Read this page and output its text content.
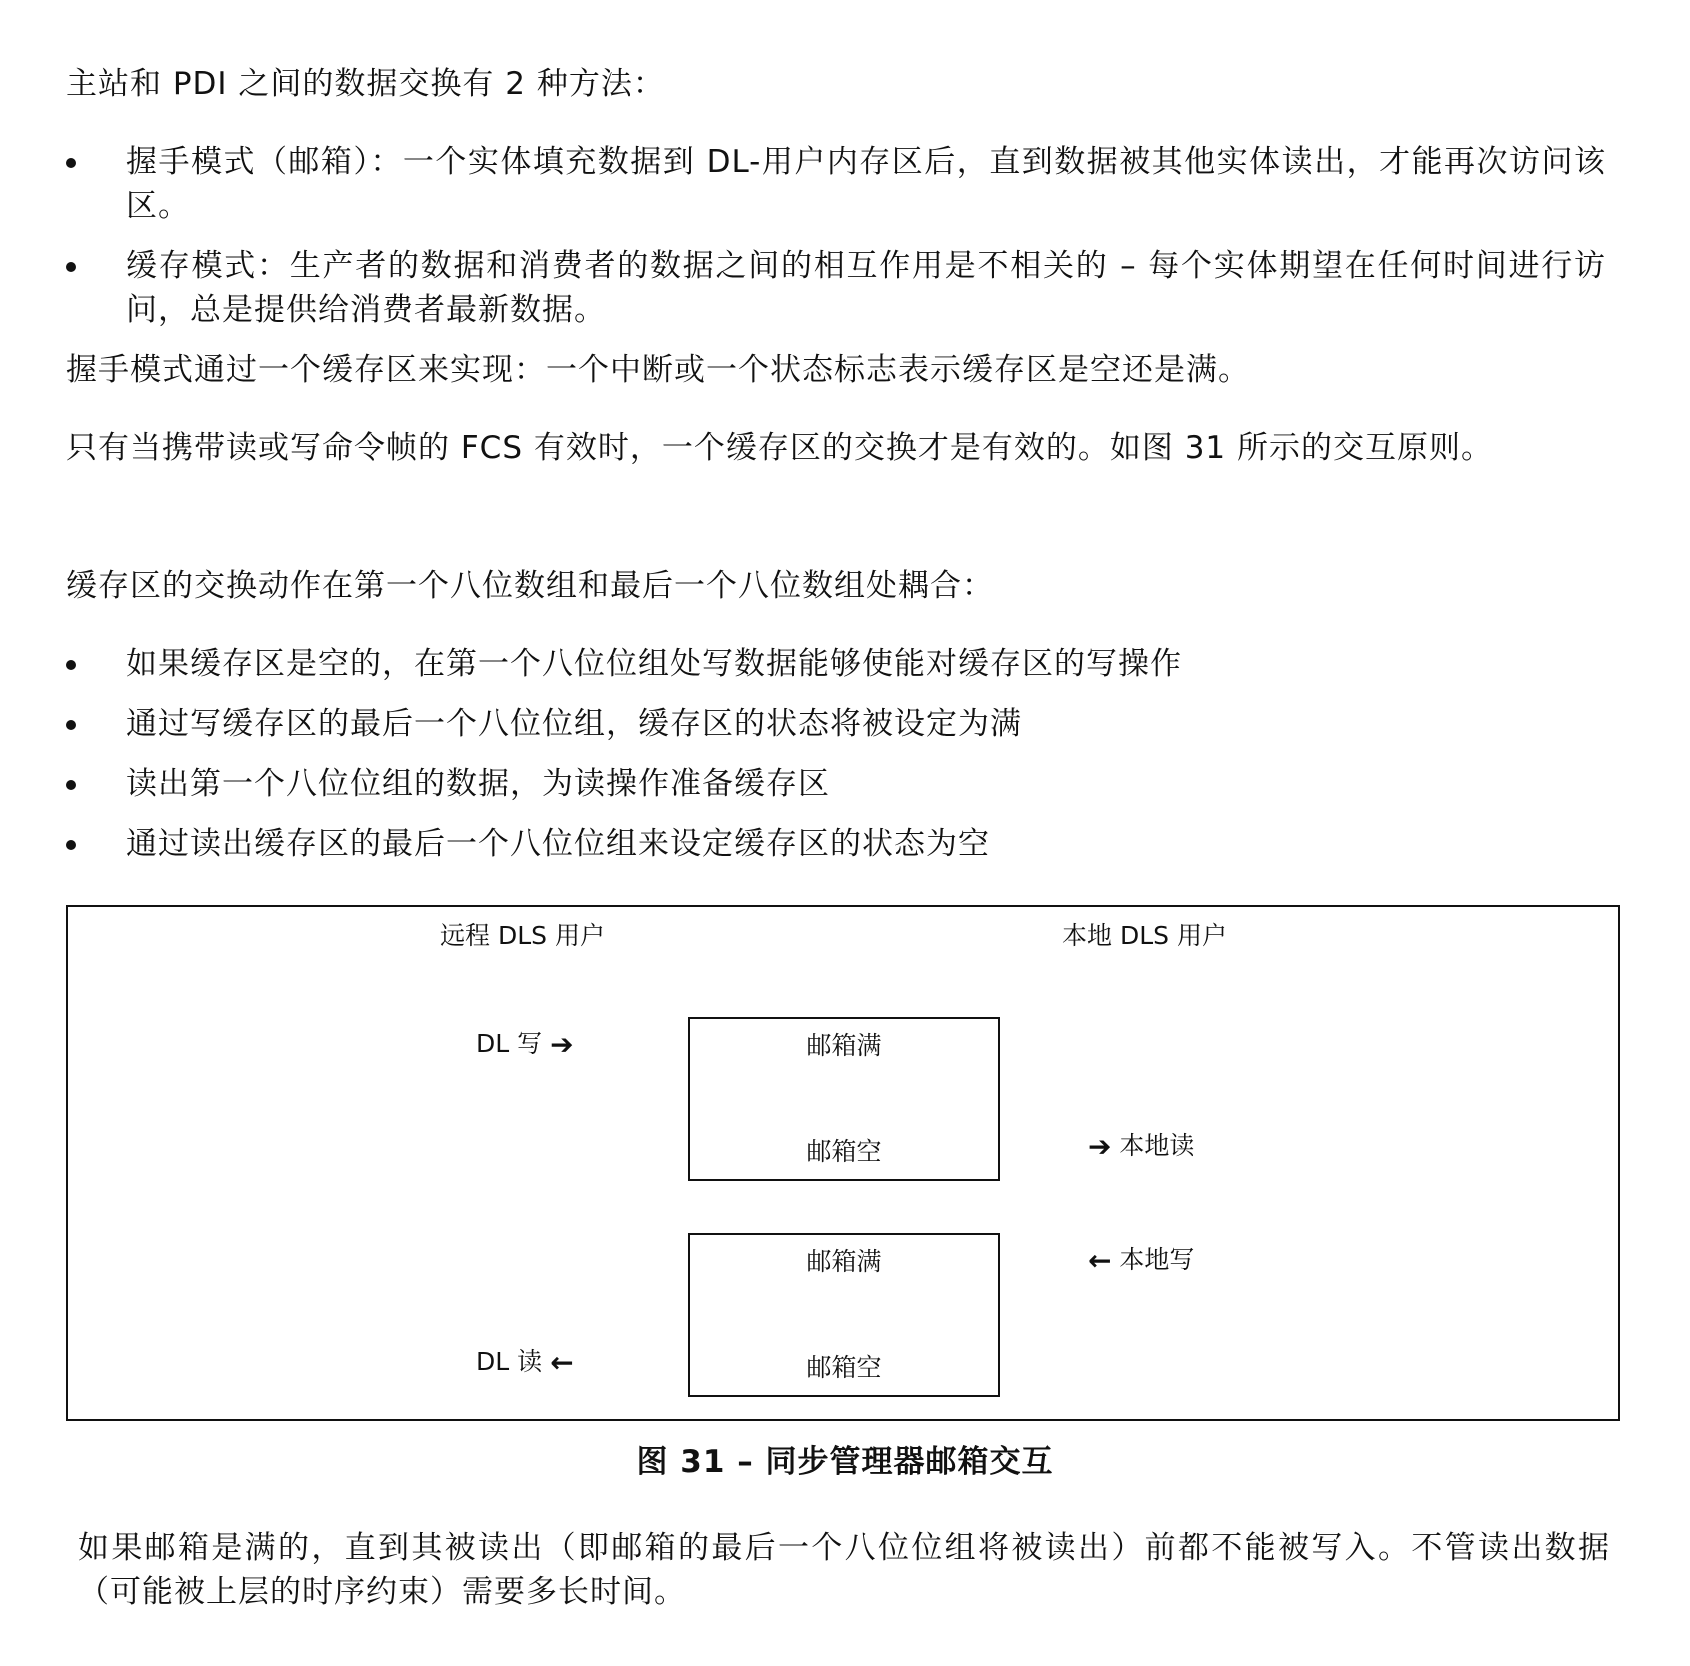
主站和 PDI 之间的数据交换有 2 种方法：

握手模式（邮箱）：一个实体填充数据到 DL-用户内存区后，直到数据被其他实体读出，才能再次访问该区。
缓存模式：生产者的数据和消费者的数据之间的相互作用是不相关的 – 每个实体期望在任何时间进行访问，总是提供给消费者最新数据。

握手模式通过一个缓存区来实现：一个中断或一个状态标志表示缓存区是空还是满。

只有当携带读或写命令帧的 FCS 有效时，一个缓存区的交换才是有效的。如图 31 所示的交互原则。

缓存区的交换动作在第一个八位数组和最后一个八位数组处耦合：

如果缓存区是空的，在第一个八位位组处写数据能够使能对缓存区的写操作
通过写缓存区的最后一个八位位组，缓存区的状态将被设定为满
读出第一个八位位组的数据，为读操作准备缓存区
通过读出缓存区的最后一个八位位组来设定缓存区的状态为空
远程 DLS 用户	本地 DLS 用户
DL 写 ➔	邮箱满
邮箱空	➔ 本地读
← 本地写
邮箱满
邮箱空
DL 读 ←
图 31 – 同步管理器邮箱交互

如果邮箱是满的，直到其被读出（即邮箱的最后一个八位位组将被读出）前都不能被写入。不管读出数据（可能被上层的时序约束）需要多长时间。
